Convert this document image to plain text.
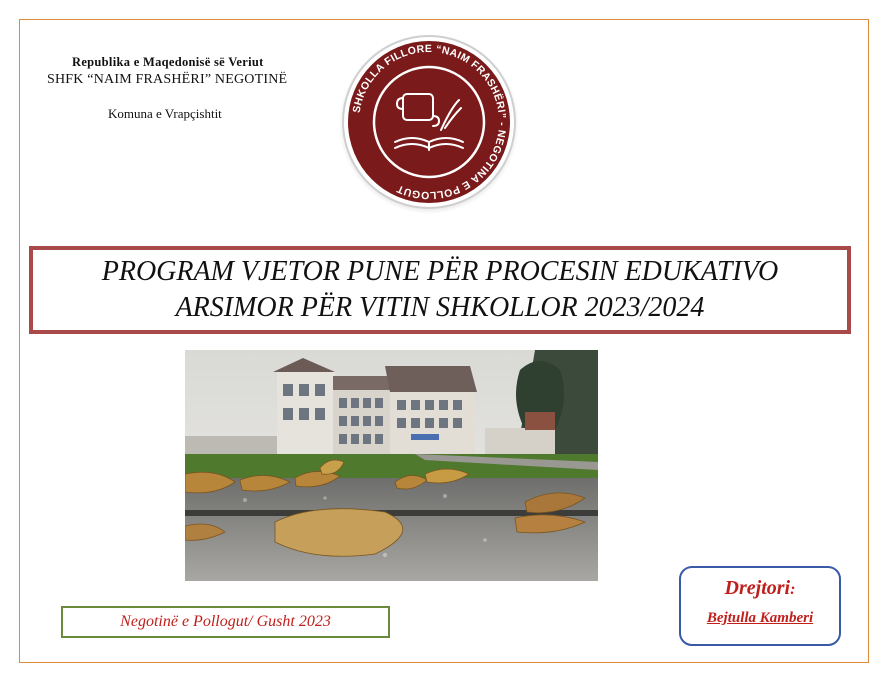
Republika e Maqedonisë së Veriut
SHFK “NAIM FRASHËRI” NEGOTINË
Komuna e Vrapçishtit	SHKOLLA FILLORE “NAIM FRASHËRI” - NEGOTINA E POLLOGUT
PROGRAM VJETOR PUNE PËR PROCESIN EDUKATIVO
ARSIMOR PËR VITIN SHKOLLOR 2023/2024
Negotinë e Pollogut/ Gusht 2023
Drejtori:
Bejtulla Kamberi
